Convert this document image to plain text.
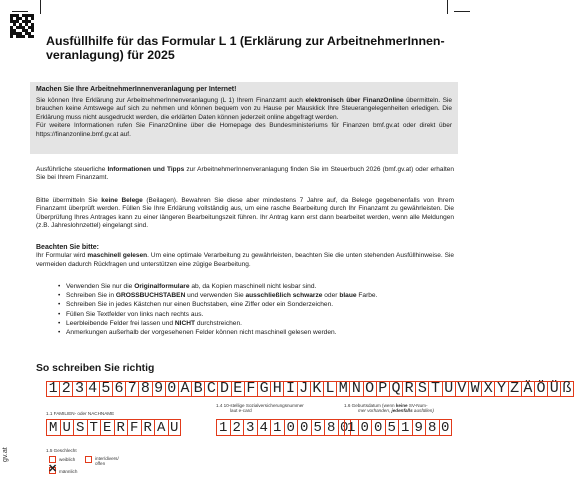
Ausfüllhilfe für das Formular L 1 (Erklärung zur ArbeitnehmerInnen-
veranlagung) für 2025
Machen Sie Ihre ArbeitnehmerInnenveranlagung per Internet!

Sie können Ihre Erklärung zur ArbeitnehmerInnenveranlagung (L 1) Ihrem Finanzamt auch elektronisch über FinanzOnline übermitteln. Sie brauchen keine Amtswege auf sich zu nehmen und können bequem von zu Hause per Mausklick Ihre Steuerangelegenheiten erledigen. Die Erklärung muss nicht ausgedruckt werden, die erklärten Daten können jederzeit online abgefragt werden.

Für weitere Informationen rufen Sie FinanzOnline über die Homepage des Bundesministeriums für Finanzen bmf.gv.at oder direkt über https://finanzonline.bmf.gv.at auf.

Ausführliche steuerliche Informationen und Tipps zur ArbeitnehmerInnenveranlagung finden Sie im Steuerbuch 2026 (bmf.gv.at) oder erhalten Sie bei Ihrem Finanzamt.

Bitte übermitteln Sie keine Belege (Beilagen). Bewahren Sie diese aber mindestens 7 Jahre auf, da Belege gegebenenfalls von Ihrem Finanzamt überprüft werden. Füllen Sie Ihre Erklärung vollständig aus, um eine rasche Bearbeitung durch Ihr Finanzamt zu gewährleisten. Die Überprüfung Ihres Antrages kann zu einer längeren Bearbeitungszeit führen. Ihr Antrag kann erst dann bearbeitet werden, wenn alle Meldungen (z.B. Jahreslohnzettel) eingelangt sind.

Beachten Sie bitte:

Ihr Formular wird maschinell gelesen. Um eine optimale Verarbeitung zu gewährleisten, beachten Sie die unten stehenden Ausfüllhinweise. Sie vermeiden dadurch Rückfragen und unterstützen eine zügige Bearbeitung.

• Verwenden Sie nur die Originalformulare ab, da Kopien maschinell nicht lesbar sind.
• Schreiben Sie in GROSSBUCHSTABEN und verwenden Sie ausschließlich schwarze oder blaue Farbe.
• Schreiben Sie in jedes Kästchen nur einen Buchstaben, eine Ziffer oder ein Sonderzeichen.
• Füllen Sie Textfelder von links nach rechts aus.
• Leerbleibende Felder frei lassen und NICHT durchstreichen.
• Anmerkungen außerhalb der vorgesehenen Felder können nicht maschinell gelesen werden.
So schreiben Sie richtig
1 2 3 4 5 6 7 8 9 0 A B C D E F G H I J K L M N O P Q R S T U V W X Y Z Ä Ö Ü ß
1.1 FAMILIEN- oder NACHNAME
M U S T E R F R A U
1.4 10-stellige Sozialversicherungsnummer
laut e-card
1 2 3 4 1 0 0 5 8 0
1.6 Geburtsdatum (wenn keine SV-Num-
mer vorhanden, jedenfalls ausfüllen)
1 0 0 5 1 9 8 0
1.5 Geschlecht
weiblich
✕ männlich
inter/divers/
offen
gv.at
